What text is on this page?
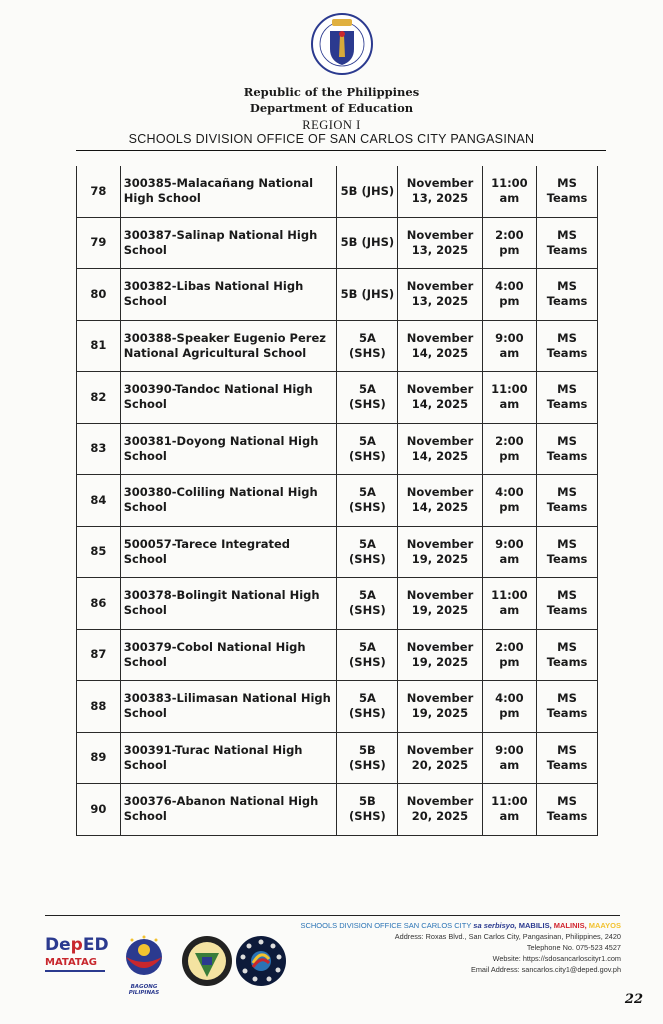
Republic of the Philippines
Department of Education
REGION I
SCHOOLS DIVISION OFFICE OF SAN CARLOS CITY PANGASINAN
78	300385-Malacañang National High School	5B (JHS)	November 13, 2025	11:00 am	MS Teams
79	300387-Salinap National High School	5B (JHS)	November 13, 2025	2:00 pm	MS Teams
80	300382-Libas National High School	5B (JHS)	November 13, 2025	4:00 pm	MS Teams
81	300388-Speaker Eugenio Perez National Agricultural School	5A (SHS)	November 14, 2025	9:00 am	MS Teams
82	300390-Tandoc National High School	5A (SHS)	November 14, 2025	11:00 am	MS Teams
83	300381-Doyong National High School	5A (SHS)	November 14, 2025	2:00 pm	MS Teams
84	300380-Coliling National High School	5A (SHS)	November 14, 2025	4:00 pm	MS Teams
85	500057-Tarece Integrated School	5A (SHS)	November 19, 2025	9:00 am	MS Teams
86	300378-Bolingit National High School	5A (SHS)	November 19, 2025	11:00 am	MS Teams
87	300379-Cobol National High School	5A (SHS)	November 19, 2025	2:00 pm	MS Teams
88	300383-Lilimasan National High School	5A (SHS)	November 19, 2025	4:00 pm	MS Teams
89	300391-Turac National High School	5B (SHS)	November 20, 2025	9:00 am	MS Teams
90	300376-Abanon National High School	5B (SHS)	November 20, 2025	11:00 am	MS Teams
DepED
MATATAG
BAGONG PILIPINAS
SCHOOLS DIVISION OFFICE SAN CARLOS CITY sa serbisyo, MABILIS, MALINIS, MAAYOS
Address: Roxas Blvd., San Carlos City, Pangasinan, Philippines, 2420
Telephone No. 075-523 4527
Website: https://sdosancarloscityr1.com
Email Address: sancarlos.city1@deped.gov.ph
22
